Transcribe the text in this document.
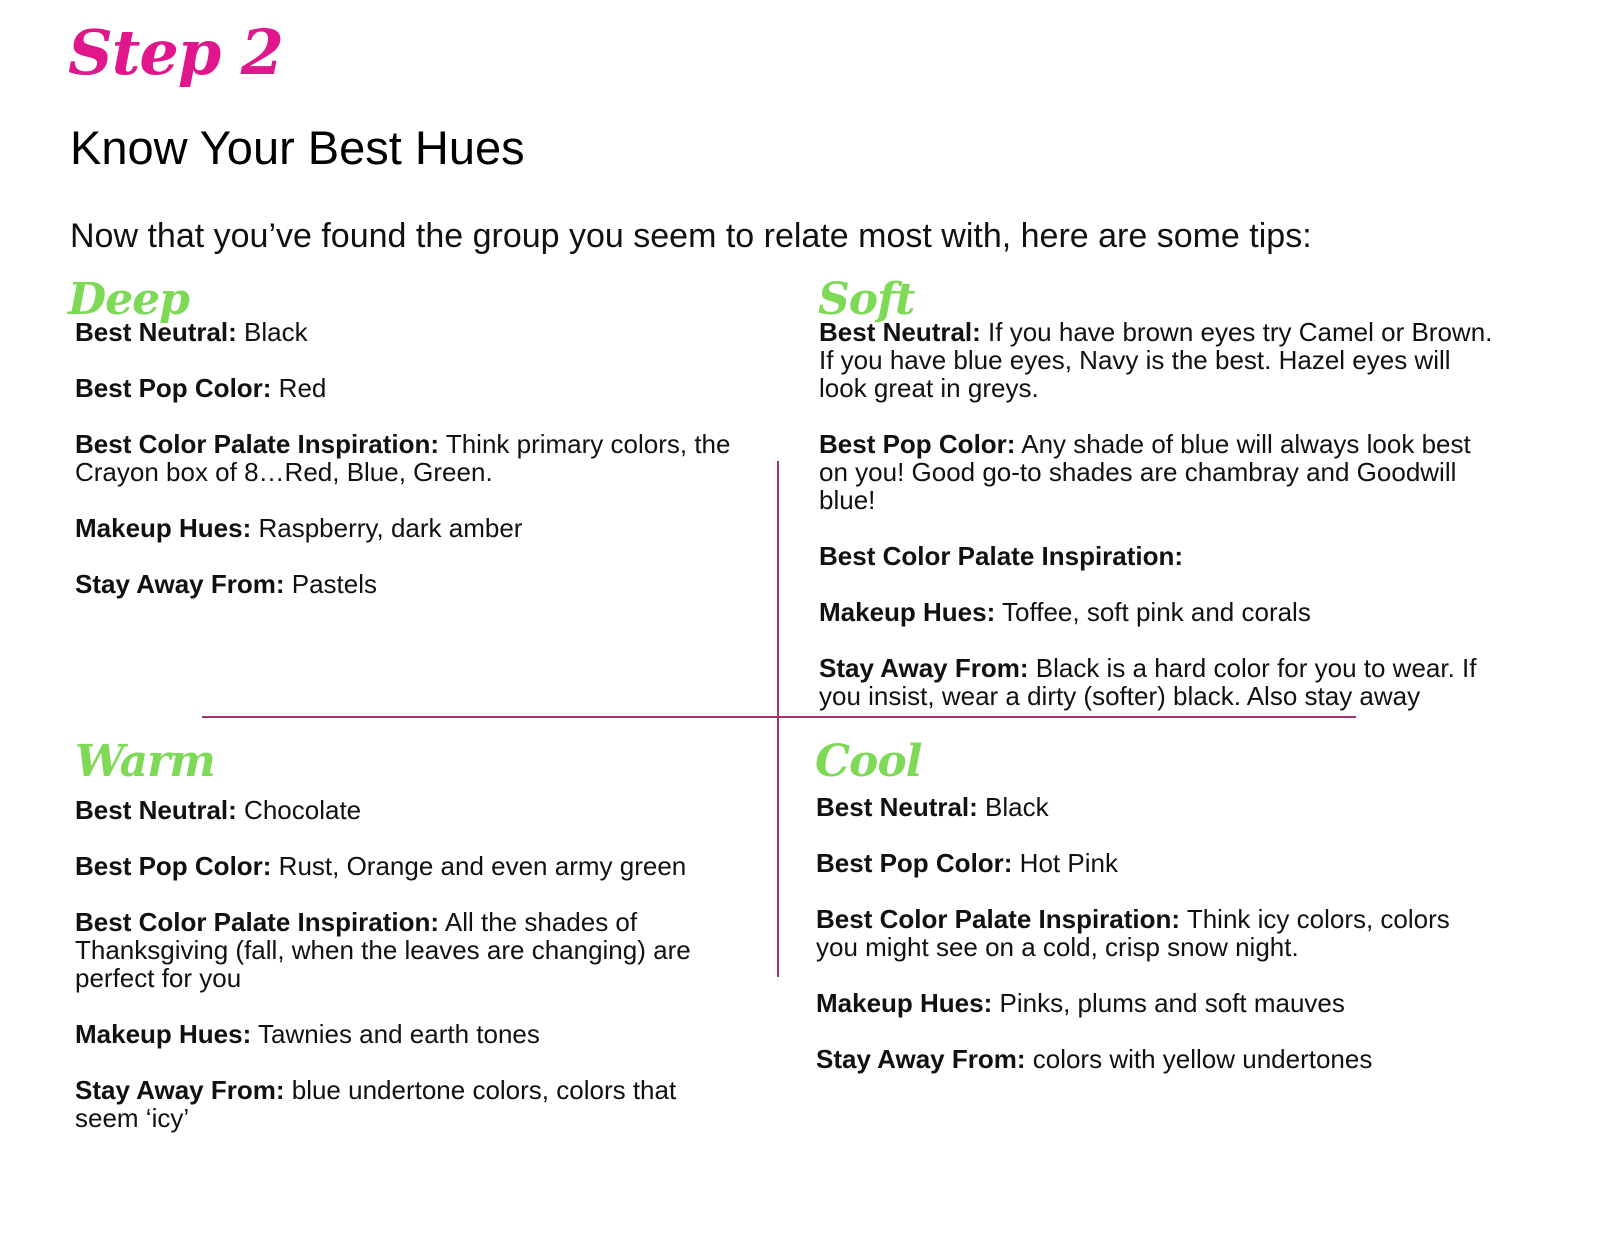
Step 2
Know Your Best Hues
Now that you’ve found the group you seem to relate most with, here are some tips:
Deep
Best Neutral: Black
Best Pop Color: Red
Best Color Palate Inspiration: Think primary colors, the Crayon box of 8…Red, Blue, Green.
Makeup Hues: Raspberry, dark amber
Stay Away From: Pastels
Soft
Best Neutral: If you have brown eyes try Camel or Brown. If you have blue eyes, Navy is the best. Hazel eyes will look great in greys.
Best Pop Color: Any shade of blue will always look best on you! Good go-to shades are chambray and Goodwill blue!
Best Color Palate Inspiration:
Makeup Hues: Toffee, soft pink and corals
Stay Away From: Black is a hard color for you to wear. If you insist, wear a dirty (softer) black. Also stay away
Warm
Best Neutral: Chocolate
Best Pop Color: Rust, Orange and even army green
Best Color Palate Inspiration: All the shades of Thanksgiving (fall, when the leaves are changing) are perfect for you
Makeup Hues: Tawnies and earth tones
Stay Away From: blue undertone colors, colors that seem ‘icy’
Cool
Best Neutral: Black
Best Pop Color: Hot Pink
Best Color Palate Inspiration: Think icy colors, colors you might see on a cold, crisp snow night.
Makeup Hues: Pinks, plums and soft mauves
Stay Away From: colors with yellow undertones
